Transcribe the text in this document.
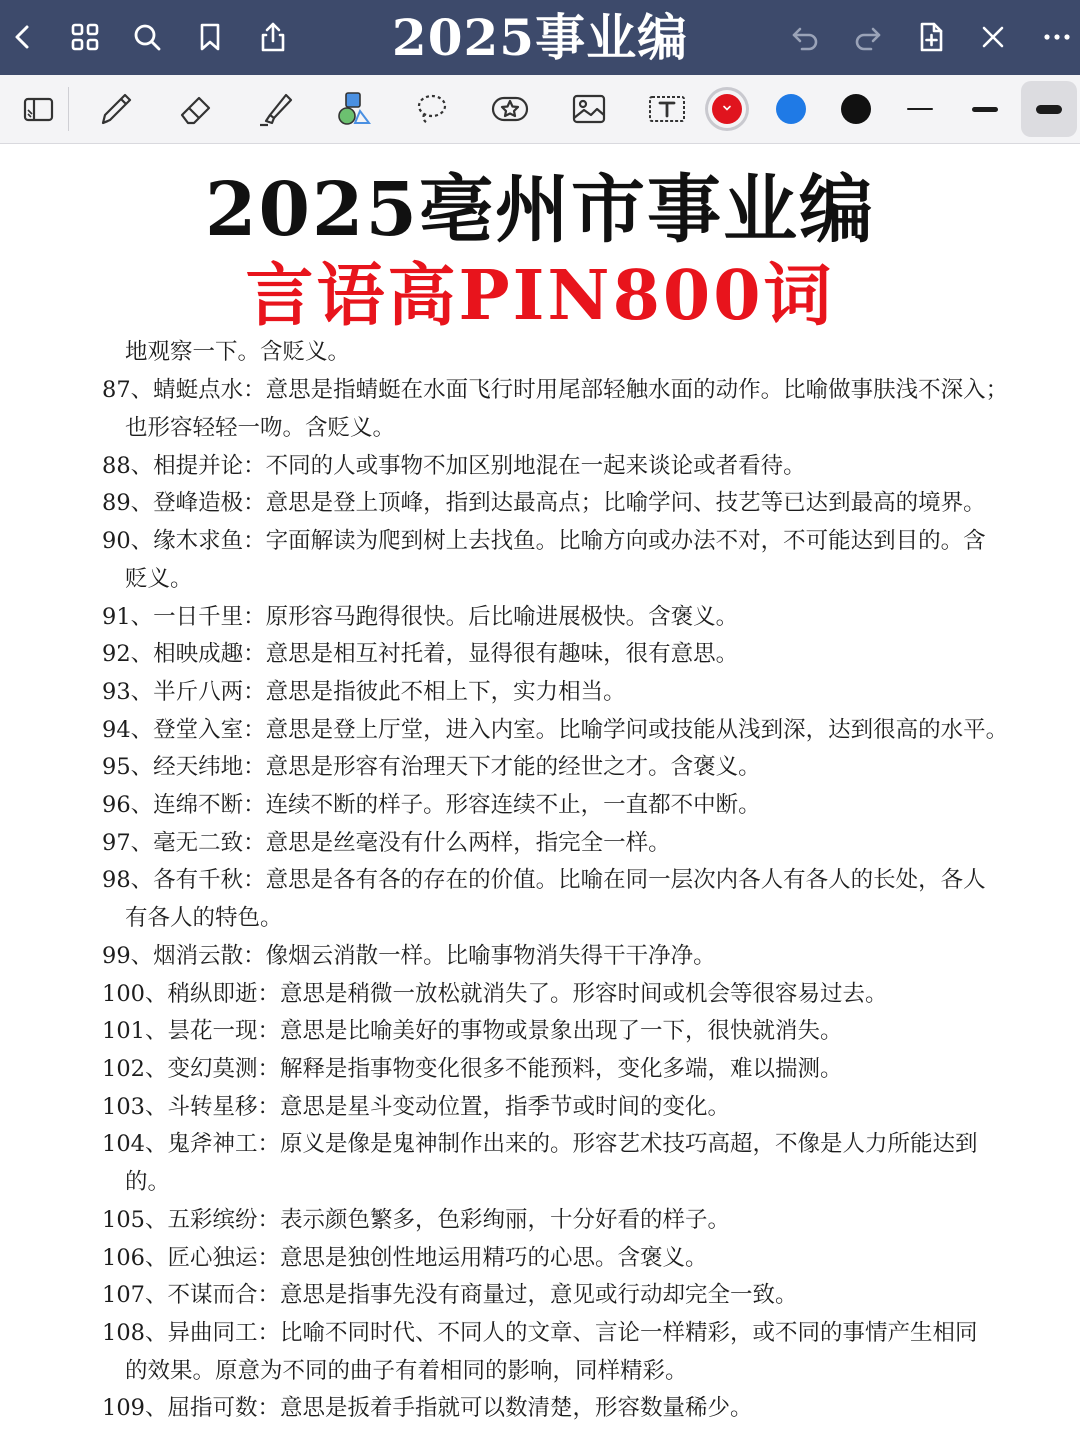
2025事业编
2025亳州市事业编
言语高PIN800词
地观察一下。含贬义。
87、蜻蜓点水：意思是指蜻蜓在水面飞行时用尾部轻触水面的动作。比喻做事肤浅不深入；
也形容轻轻一吻。含贬义。
88、相提并论：不同的人或事物不加区别地混在一起来谈论或者看待。
89、登峰造极：意思是登上顶峰，指到达最高点；比喻学问、技艺等已达到最高的境界。
90、缘木求鱼：字面解读为爬到树上去找鱼。比喻方向或办法不对，不可能达到目的。含
贬义。
91、一日千里：原形容马跑得很快。后比喻进展极快。含褒义。
92、相映成趣：意思是相互衬托着，显得很有趣味，很有意思。
93、半斤八两：意思是指彼此不相上下，实力相当。
94、登堂入室：意思是登上厅堂，进入内室。比喻学问或技能从浅到深，达到很高的水平。
95、经天纬地：意思是形容有治理天下才能的经世之才。含褒义。
96、连绵不断：连续不断的样子。形容连续不止，一直都不中断。
97、毫无二致：意思是丝毫没有什么两样，指完全一样。
98、各有千秋：意思是各有各的存在的价值。比喻在同一层次内各人有各人的长处，各人
有各人的特色。
99、烟消云散：像烟云消散一样。比喻事物消失得干干净净。
100、稍纵即逝：意思是稍微一放松就消失了。形容时间或机会等很容易过去。
101、昙花一现：意思是比喻美好的事物或景象出现了一下，很快就消失。
102、变幻莫测：解释是指事物变化很多不能预料，变化多端，难以揣测。
103、斗转星移：意思是星斗变动位置，指季节或时间的变化。
104、鬼斧神工：原义是像是鬼神制作出来的。形容艺术技巧高超，不像是人力所能达到
的。
105、五彩缤纷：表示颜色繁多，色彩绚丽，十分好看的样子。
106、匠心独运：意思是独创性地运用精巧的心思。含褒义。
107、不谋而合：意思是指事先没有商量过，意见或行动却完全一致。
108、异曲同工：比喻不同时代、不同人的文章、言论一样精彩，或不同的事情产生相同
的效果。原意为不同的曲子有着相同的影响，同样精彩。
109、屈指可数：意思是扳着手指就可以数清楚，形容数量稀少。
